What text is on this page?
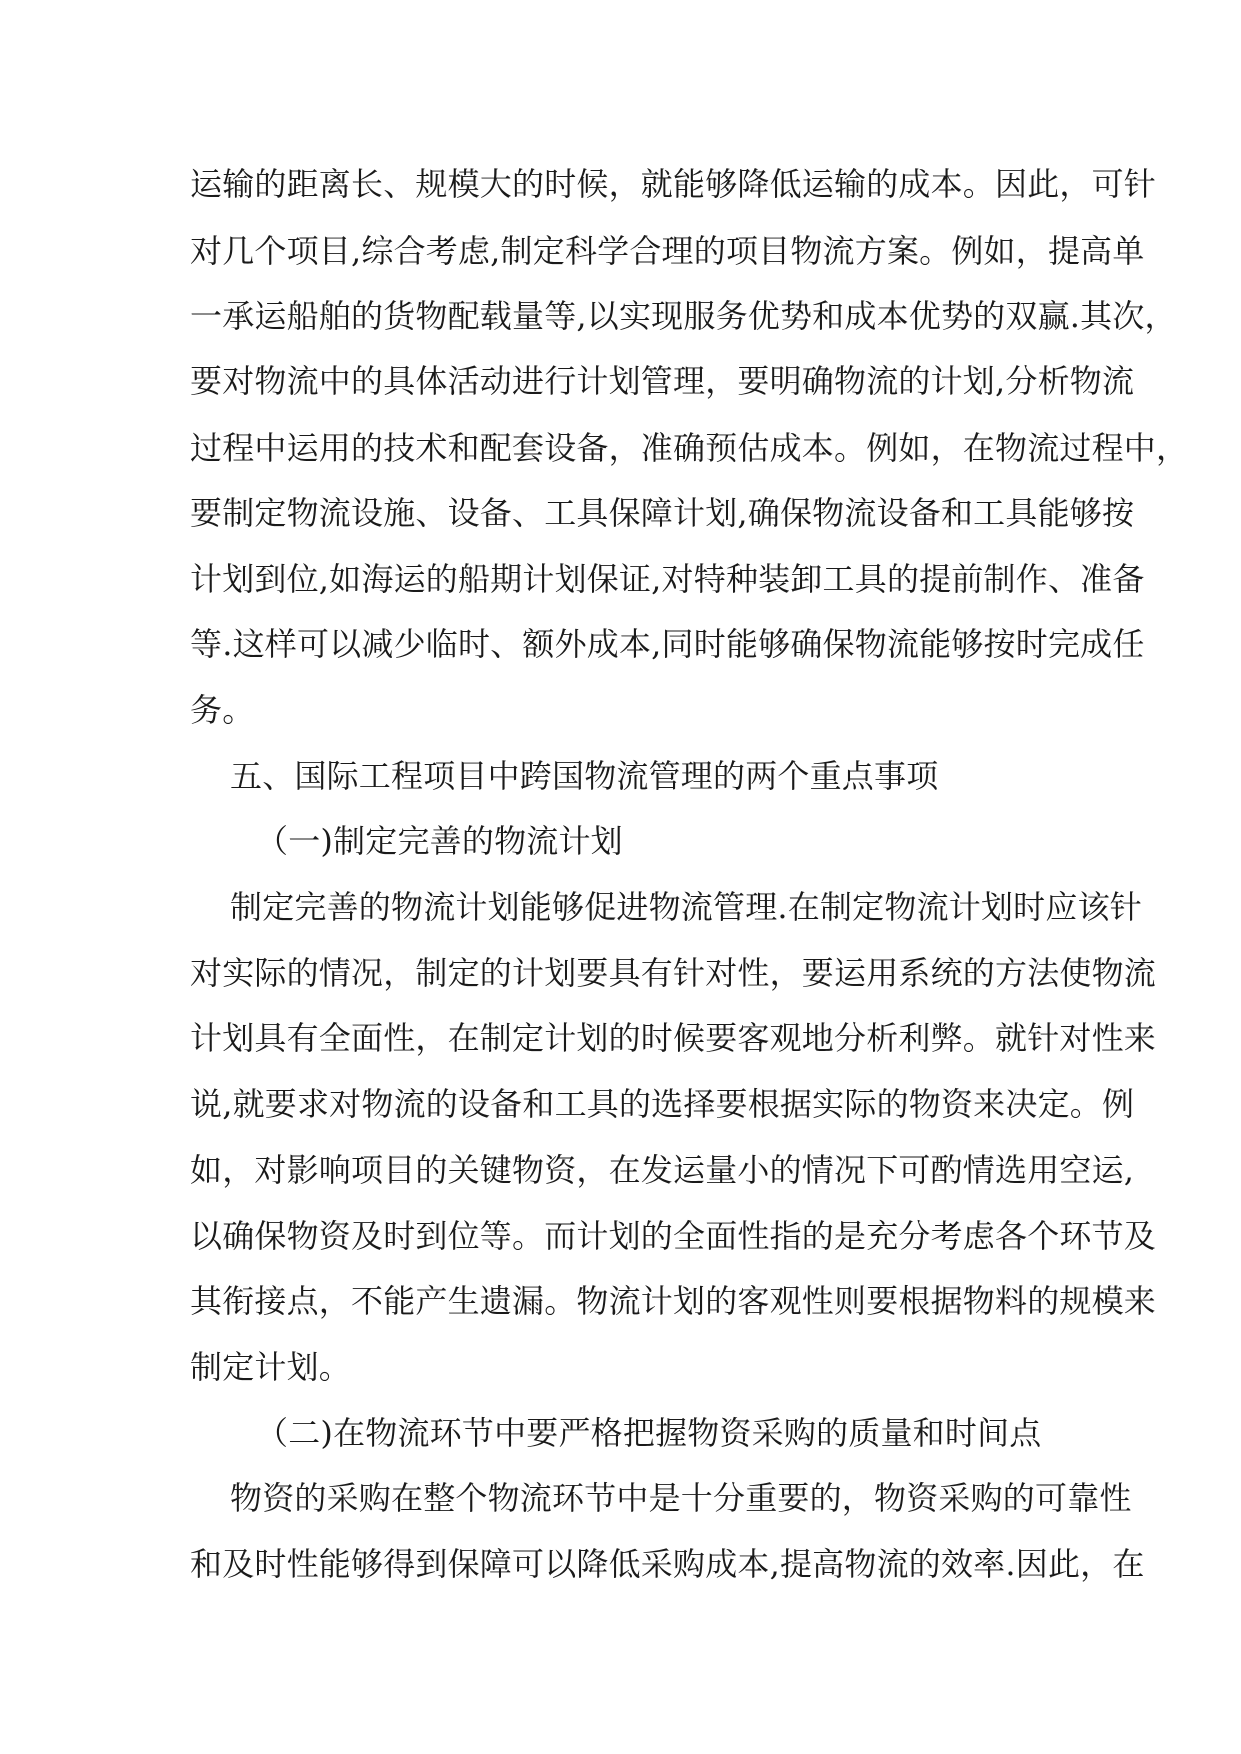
运输的距离长、规模大的时候，就能够降低运输的成本。因此，可针
对几个项目,综合考虑,制定科学合理的项目物流方案。例如，提高单
一承运船舶的货物配载量等,以实现服务优势和成本优势的双赢.其次，
要对物流中的具体活动进行计划管理，要明确物流的计划,分析物流
过程中运用的技术和配套设备，准确预估成本。例如，在物流过程中，
要制定物流设施、设备、工具保障计划,确保物流设备和工具能够按
计划到位,如海运的船期计划保证,对特种装卸工具的提前制作、准备
等.这样可以减少临时、额外成本,同时能够确保物流能够按时完成任
务。
五、国际工程项目中跨国物流管理的两个重点事项
（一)制定完善的物流计划
制定完善的物流计划能够促进物流管理.在制定物流计划时应该针
对实际的情况，制定的计划要具有针对性，要运用系统的方法使物流
计划具有全面性，在制定计划的时候要客观地分析利弊。就针对性来
说,就要求对物流的设备和工具的选择要根据实际的物资来决定。例
如，对影响项目的关键物资，在发运量小的情况下可酌情选用空运,
以确保物资及时到位等。而计划的全面性指的是充分考虑各个环节及
其衔接点，不能产生遗漏。物流计划的客观性则要根据物料的规模来
制定计划。
（二)在物流环节中要严格把握物资采购的质量和时间点
物资的采购在整个物流环节中是十分重要的，物资采购的可靠性
和及时性能够得到保障可以降低采购成本,提高物流的效率.因此，在
